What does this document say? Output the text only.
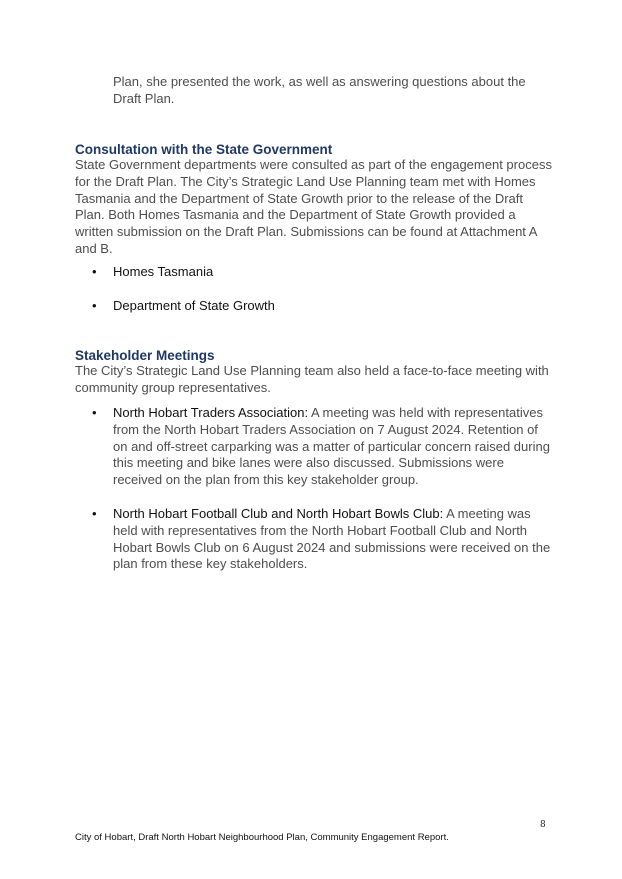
Plan, she presented the work, as well as answering questions about the Draft Plan.

Consultation with the State Government

State Government departments were consulted as part of the engagement process for the Draft Plan. The City’s Strategic Land Use Planning team met with Homes Tasmania and the Department of State Growth prior to the release of the Draft Plan. Both Homes Tasmania and the Department of State Growth provided a written submission on the Draft Plan. Submissions can be found at Attachment A and B.

• Homes Tasmania
• Department of State Growth
Stakeholder Meetings

The City’s Strategic Land Use Planning team also held a face-to-face meeting with community group representatives.

• North Hobart Traders Association: A meeting was held with representatives from the North Hobart Traders Association on 7 August 2024. Retention of on and off-street carparking was a matter of particular concern raised during this meeting and bike lanes were also discussed. Submissions were received on the plan from this key stakeholder group.
• North Hobart Football Club and North Hobart Bowls Club: A meeting was held with representatives from the North Hobart Football Club and North Hobart Bowls Club on 6 August 2024 and submissions were received on the plan from these key stakeholders.
8
City of Hobart, Draft North Hobart Neighbourhood Plan, Community Engagement Report.
